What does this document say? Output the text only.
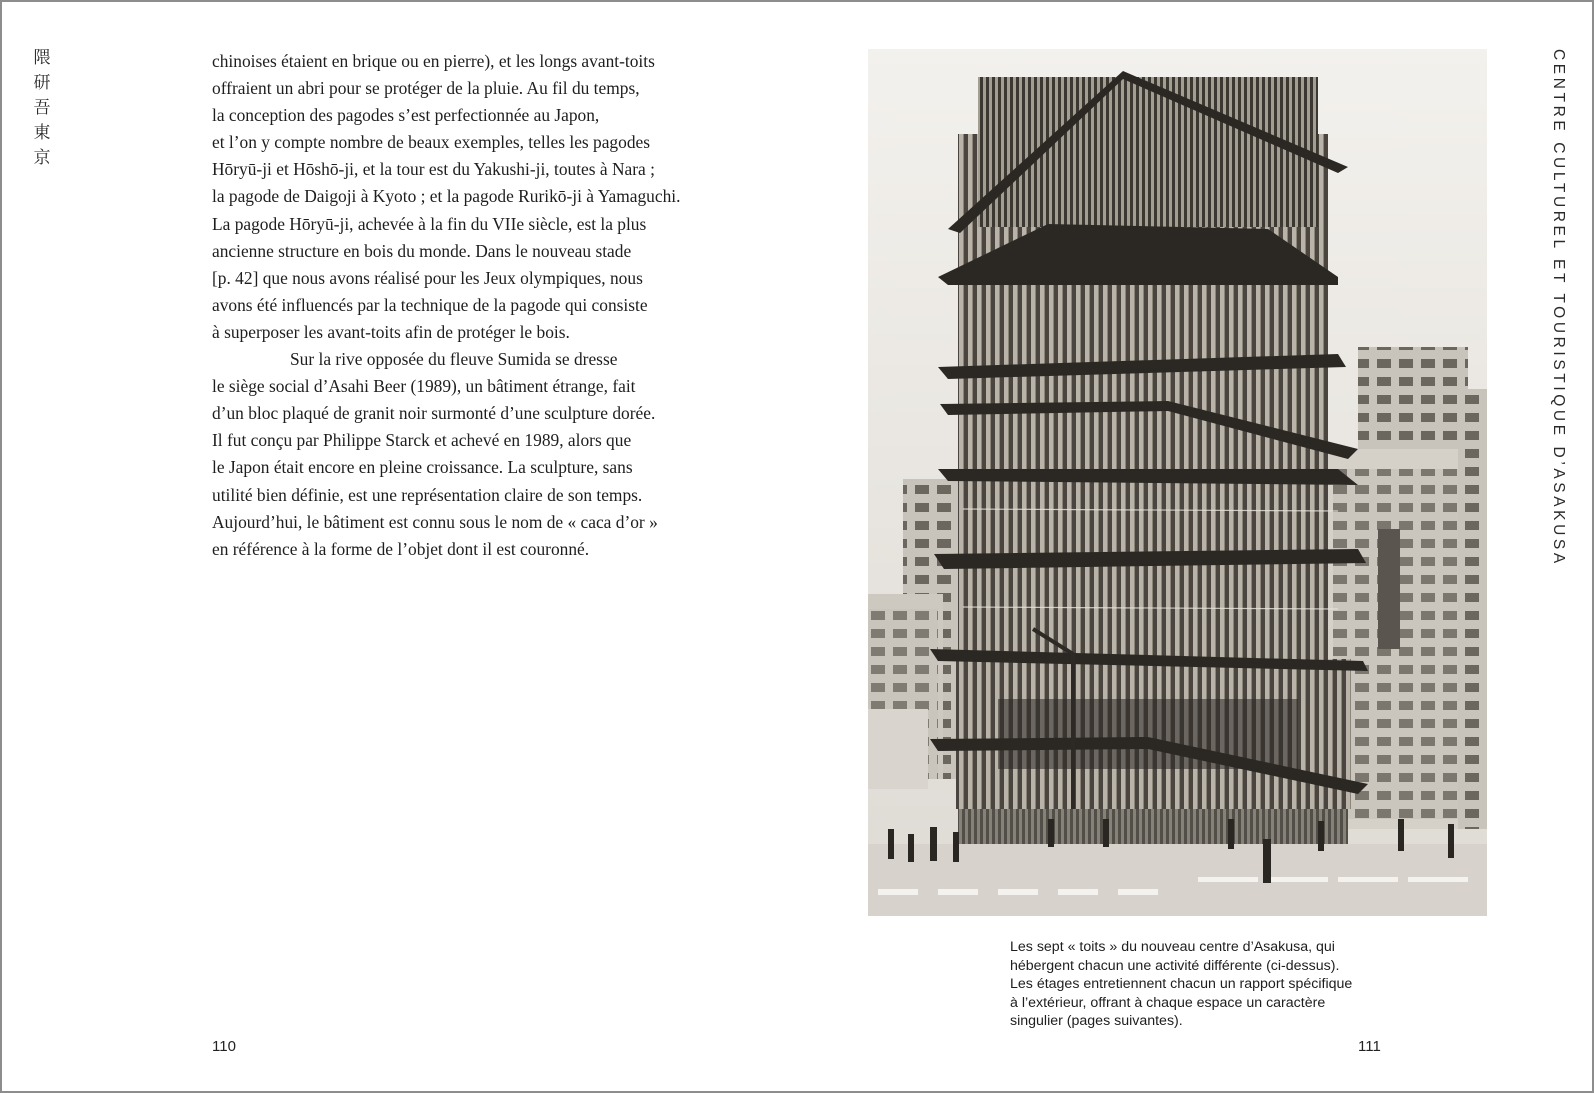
隈
研
吾
東
京
chinoises étaient en brique ou en pierre), et les longs avant-toits
offraient un abri pour se protéger de la pluie. Au fil du temps,
la conception des pagodes s’est perfectionnée au Japon,
et l’on y compte nombre de beaux exemples, telles les pagodes
Hōryū-ji et Hōshō-ji, et la tour est du Yakushi-ji, toutes à Nara ;
la pagode de Daigoji à Kyoto ; et la pagode Rurikō-ji à Yamaguchi.
La pagode Hōryū-ji, achevée à la fin du VIIe siècle, est la plus
ancienne structure en bois du monde. Dans le nouveau stade
[p. 42] que nous avons réalisé pour les Jeux olympiques, nous
avons été influencés par la technique de la pagode qui consiste
à superposer les avant-toits afin de protéger le bois.
Sur la rive opposée du fleuve Sumida se dresse
le siège social d’Asahi Beer (1989), un bâtiment étrange, fait
d’un bloc plaqué de granit noir surmonté d’une sculpture dorée.
Il fut conçu par Philippe Starck et achevé en 1989, alors que
le Japon était encore en pleine croissance. La sculpture, sans
utilité bien définie, est une représentation claire de son temps.
Aujourd’hui, le bâtiment est connu sous le nom de « caca d’or »
en référence à la forme de l’objet dont il est couronné.
110
Les sept « toits » du nouveau centre d’Asakusa, qui
hébergent chacun une activité différente (ci-dessus).
Les étages entretiennent chacun un rapport spécifique
à l’extérieur, offrant à chaque espace un caractère
singulier (pages suivantes).
111
CENTRE CULTUREL ET TOURISTIQUE D’ASAKUSA
